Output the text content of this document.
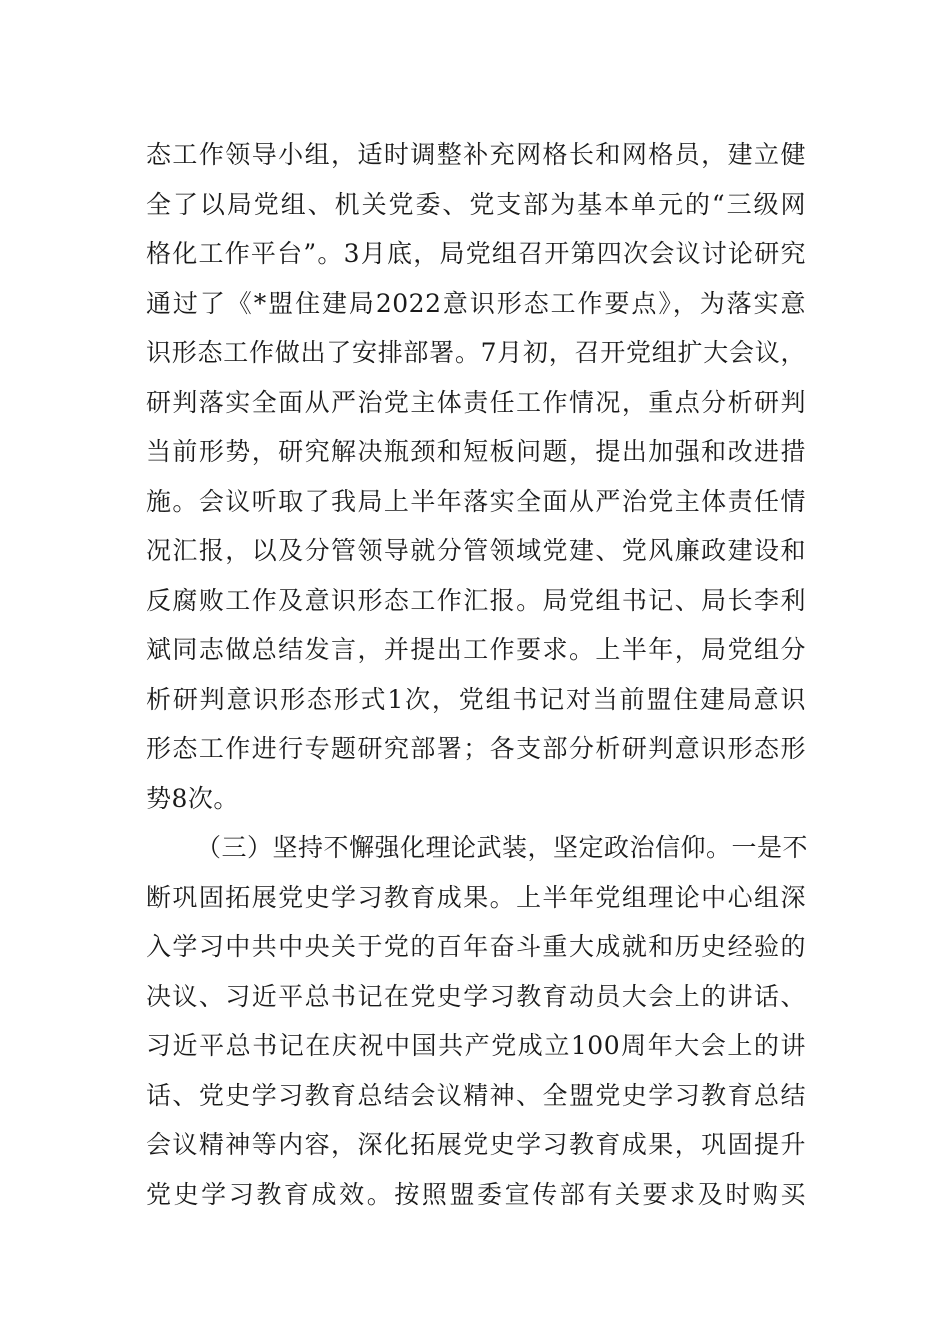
态工作领导小组，适时调整补充网格长和网格员，建立健
全了以局党组、机关党委、党支部为基本单元的“三级网
格化工作平台”。3月底，局党组召开第四次会议讨论研究
通过了《*盟住建局2022意识形态工作要点》，为落实意
识形态工作做出了安排部署。7月初，召开党组扩大会议，
研判落实全面从严治党主体责任工作情况，重点分析研判
当前形势，研究解决瓶颈和短板问题，提出加强和改进措
施。会议听取了我局上半年落实全面从严治党主体责任情
况汇报，以及分管领导就分管领域党建、党风廉政建设和
反腐败工作及意识形态工作汇报。局党组书记、局长李利
斌同志做总结发言，并提出工作要求。上半年，局党组分
析研判意识形态形式1次，党组书记对当前盟住建局意识
形态工作进行专题研究部署；各支部分析研判意识形态形
势8次。
（三）坚持不懈强化理论武装，坚定政治信仰。一是不
断巩固拓展党史学习教育成果。上半年党组理论中心组深
入学习中共中央关于党的百年奋斗重大成就和历史经验的
决议、习近平总书记在党史学习教育动员大会上的讲话、
习近平总书记在庆祝中国共产党成立100周年大会上的讲
话、党史学习教育总结会议精神、全盟党史学习教育总结
会议精神等内容，深化拓展党史学习教育成果，巩固提升
党史学习教育成效。按照盟委宣传部有关要求及时购买
